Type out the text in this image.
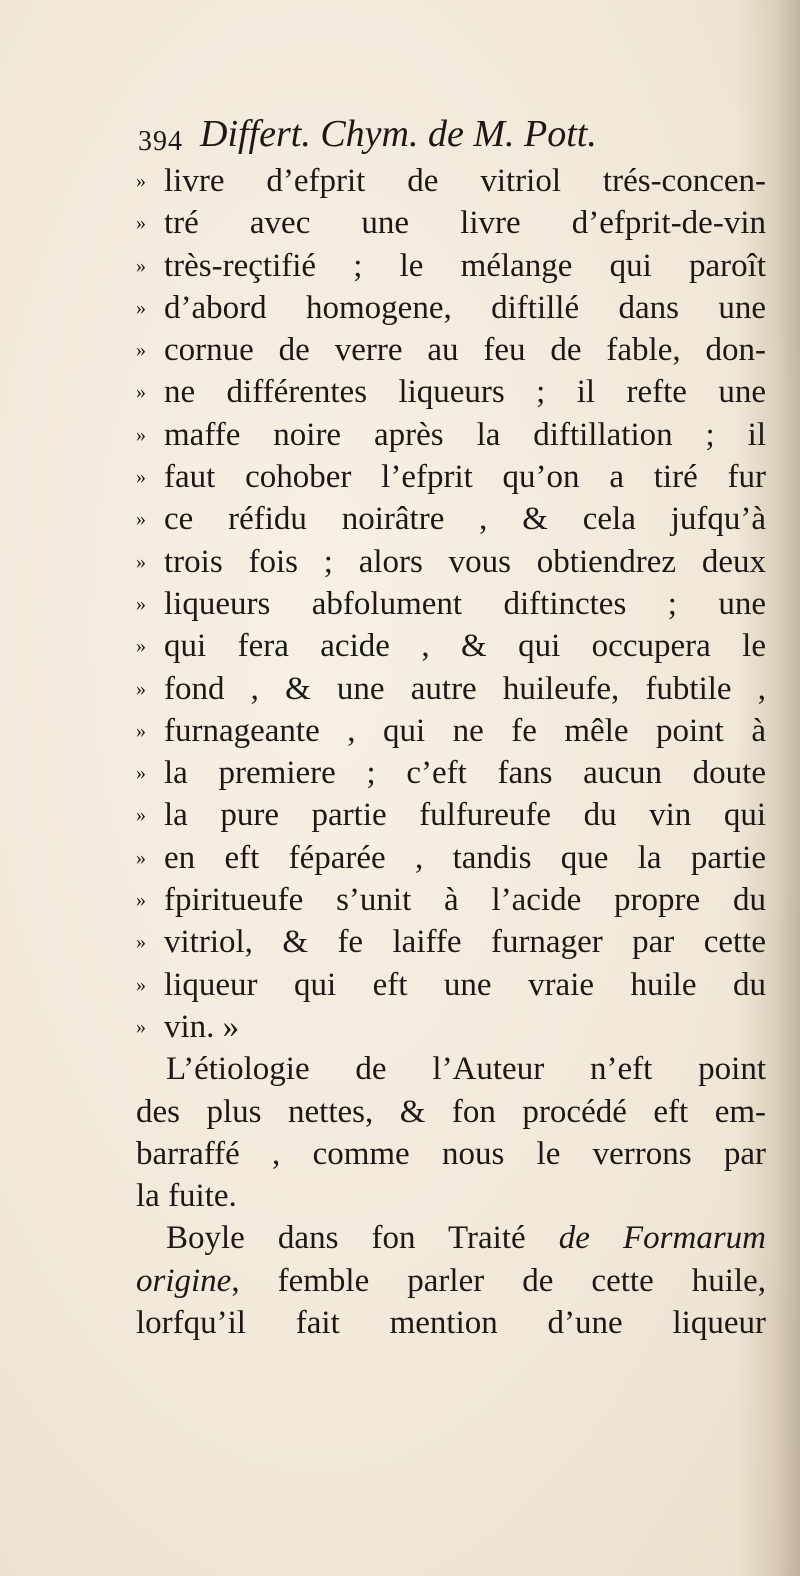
394 Differt. Chym. de M. Pott.
» livre d’efprit de vitriol trés-concen-
» tré avec une livre d’efprit-de-vin
» très-reçtifié ; le mélange qui paroît
» d’abord homogene, diftillé dans une
» cornue de verre au feu de fable, don-
» ne différentes liqueurs ; il refte une
» maffe noire après la diftillation ; il
» faut cohober l’efprit qu’on a tiré fur
» ce réfidu noirâtre , & cela jufqu’à
» trois fois ; alors vous obtiendrez deux
» liqueurs abfolument diftinctes ; une
» qui fera acide , & qui occupera le
» fond , & une autre huileufe, fubtile ,
» furnageante , qui ne fe mêle point à
» la premiere ; c’eft fans aucun doute
» la pure partie fulfureufe du vin qui
» en eft féparée , tandis que la partie
» fpiritueufe s’unit à l’acide propre du
» vitriol, & fe laiffe furnager par cette
» liqueur qui eft une vraie huile du
» vin. »
L’étiologie de l’Auteur n’eft point
des plus nettes, & fon procédé eft em-
barraffé , comme nous le verrons par
la fuite.
Boyle dans fon Traité de Formarum
origine, femble parler de cette huile,
lorfqu’il fait mention d’une liqueur
